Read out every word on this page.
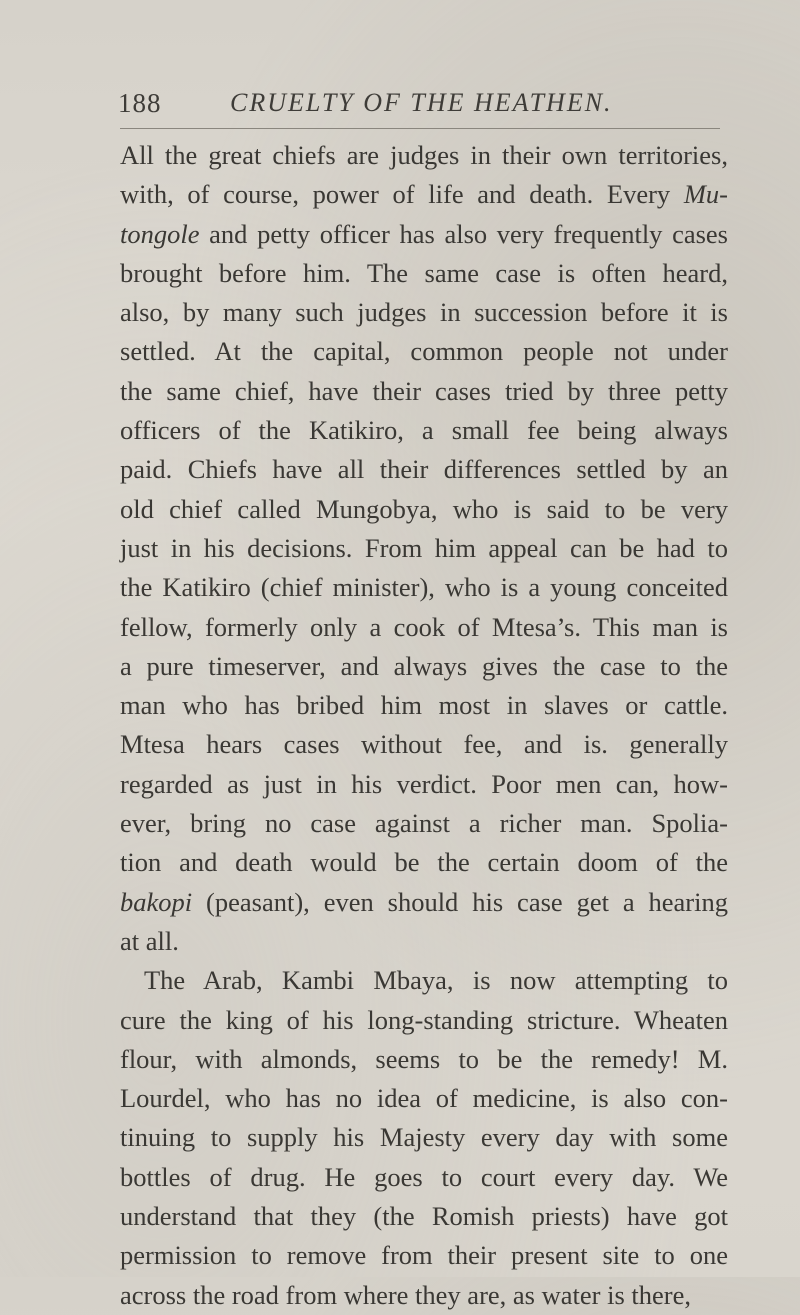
188	CRUELTY OF THE HEATHEN.
All the great chiefs are judges in their own territories,
with, of course, power of life and death. Every Mu-
tongole and petty officer has also very frequently cases
brought before him. The same case is often heard,
also, by many such judges in succession before it is
settled. At the capital, common people not under
the same chief, have their cases tried by three petty
officers of the Katikiro, a small fee being always
paid. Chiefs have all their differences settled by an
old chief called Mungobya, who is said to be very
just in his decisions. From him appeal can be had to
the Katikiro (chief minister), who is a young conceited
fellow, formerly only a cook of Mtesa’s. This man is
a pure timeserver, and always gives the case to the
man who has bribed him most in slaves or cattle.
Mtesa hears cases without fee, and is. generally
regarded as just in his verdict. Poor men can, how-
ever, bring no case against a richer man. Spolia-
tion and death would be the certain doom of the
bakopi (peasant), even should his case get a hearing
at all.
The Arab, Kambi Mbaya, is now attempting to
cure the king of his long-standing stricture. Wheaten
flour, with almonds, seems to be the remedy! M.
Lourdel, who has no idea of medicine, is also con-
tinuing to supply his Majesty every day with some
bottles of drug. He goes to court every day. We
understand that they (the Romish priests) have got
permission to remove from their present site to one
across the road from where they are, as water is there,
